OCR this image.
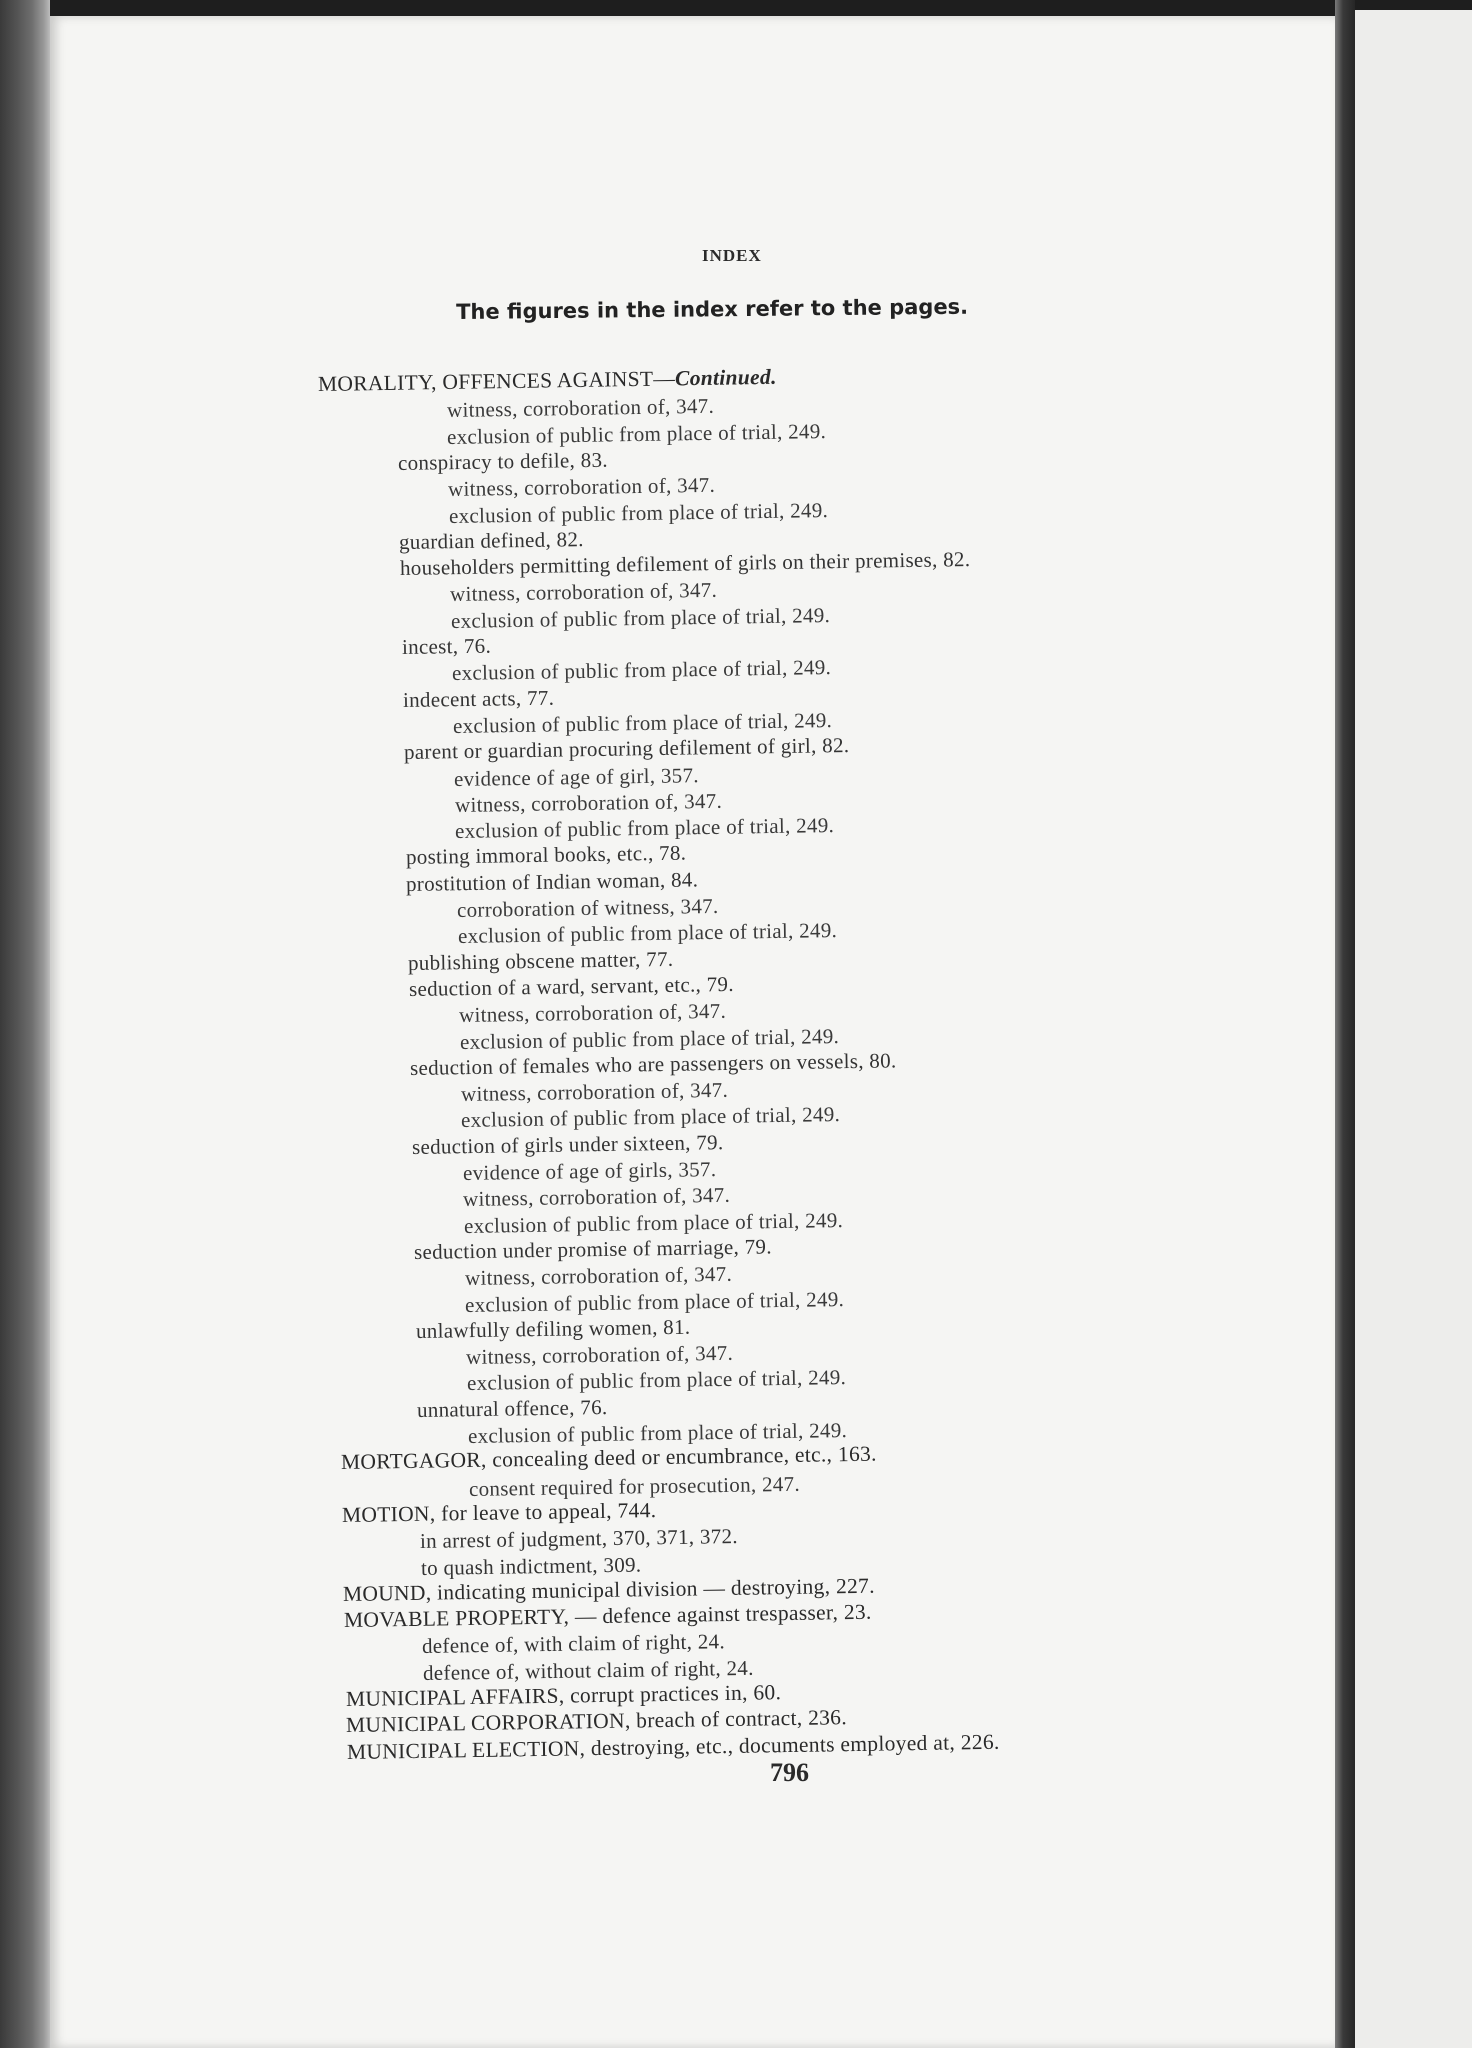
INDEX
The figures in the index refer to the pages.
MORALITY, OFFENCES AGAINST—Continued.
witness, corroboration of, 347.
exclusion of public from place of trial, 249.
conspiracy to defile, 83.
witness, corroboration of, 347.
exclusion of public from place of trial, 249.
guardian defined, 82.
householders permitting defilement of girls on their premises, 82.
witness, corroboration of, 347.
exclusion of public from place of trial, 249.
incest, 76.
exclusion of public from place of trial, 249.
indecent acts, 77.
exclusion of public from place of trial, 249.
parent or guardian procuring defilement of girl, 82.
evidence of age of girl, 357.
witness, corroboration of, 347.
exclusion of public from place of trial, 249.
posting immoral books, etc., 78.
prostitution of Indian woman, 84.
corroboration of witness, 347.
exclusion of public from place of trial, 249.
publishing obscene matter, 77.
seduction of a ward, servant, etc., 79.
witness, corroboration of, 347.
exclusion of public from place of trial, 249.
seduction of females who are passengers on vessels, 80.
witness, corroboration of, 347.
exclusion of public from place of trial, 249.
seduction of girls under sixteen, 79.
evidence of age of girls, 357.
witness, corroboration of, 347.
exclusion of public from place of trial, 249.
seduction under promise of marriage, 79.
witness, corroboration of, 347.
exclusion of public from place of trial, 249.
unlawfully defiling women, 81.
witness, corroboration of, 347.
exclusion of public from place of trial, 249.
unnatural offence, 76.
exclusion of public from place of trial, 249.
MORTGAGOR, concealing deed or encumbrance, etc., 163.
consent required for prosecution, 247.
MOTION, for leave to appeal, 744.
in arrest of judgment, 370, 371, 372.
to quash indictment, 309.
MOUND, indicating municipal division — destroying, 227.
MOVABLE PROPERTY, — defence against trespasser, 23.
defence of, with claim of right, 24.
defence of, without claim of right, 24.
MUNICIPAL AFFAIRS, corrupt practices in, 60.
MUNICIPAL CORPORATION, breach of contract, 236.
MUNICIPAL ELECTION, destroying, etc., documents employed at, 226.
796
